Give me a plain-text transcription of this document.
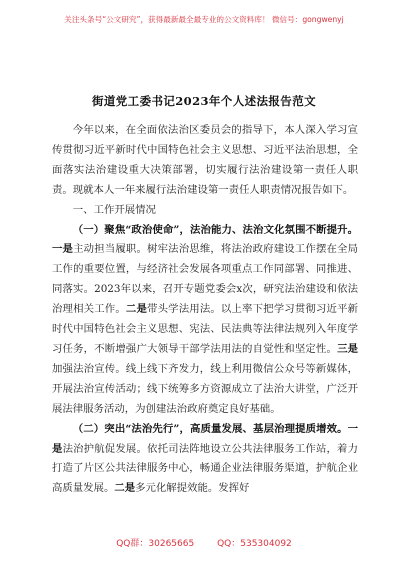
关注头条号“公文研究”，获得最新最全最专业的公文资料库！ 微信号：gongwenyj
街道党工委书记2023年个人述法报告范文

今年以来，在全面依法治区委员会的指导下，本人深入学习宣传贯彻习近平新时代中国特色社会主义思想、习近平法治思想，全面落实法治建设重大决策部署，切实履行法治建设第一责任人职责。现就本人一年来履行法治建设第一责任人职责情况报告如下。

一、工作开展情况

（一）聚焦“政治使命”，法治能力、法治文化氛围不断提升。一是主动担当履职。树牢法治思维，将法治政府建设工作摆在全局工作的重要位置，与经济社会发展各项重点工作同部署、同推进、同落实。2023年以来，召开专题党委会x次，研究法治建设和依法治理相关工作。二是带头学法用法。以上率下把学习贯彻习近平新时代中国特色社会主义思想、宪法、民法典等法律法规列入年度学习任务，不断增强广大领导干部学法用法的自觉性和坚定性。三是加强法治宣传。线上线下齐发力，线上利用微信公众号等新媒体，开展法治宣传活动；线下统筹多方资源成立了法治大讲堂，广泛开展法律服务活动，为创建法治政府奠定良好基础。

（二）突出“法治先行”，高质量发展、基层治理提质增效。一是法治护航促发展。依托司法阵地设立公共法律服务工作站，着力打造了片区公共法律服务中心，畅通企业法律服务渠道，护航企业高质量发展。二是多元化解提效能。发挥好

QQ群：30265665	QQ：535304092
